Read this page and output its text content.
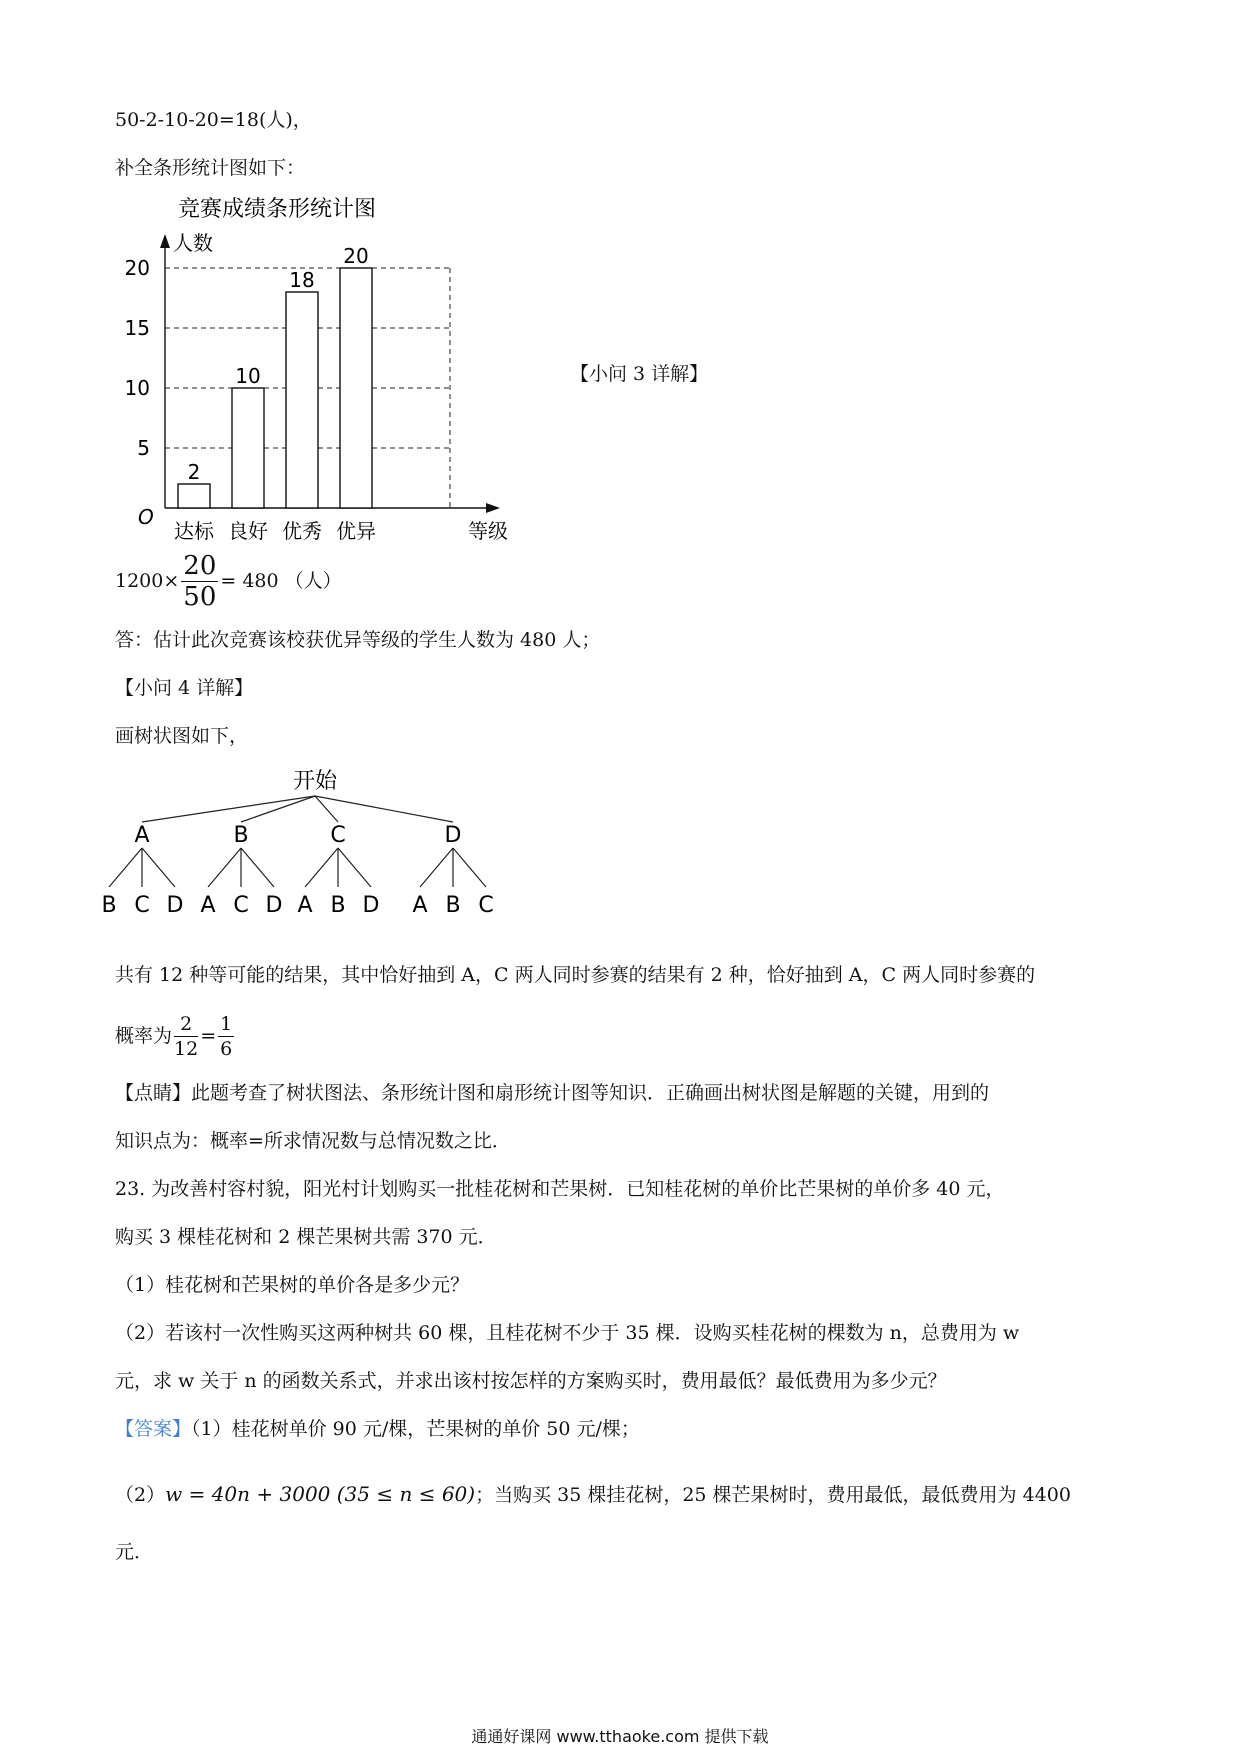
50-2-10-20=18(人)，
补全条形统计图如下：
竞赛成绩条形统计图
人数
等级
O
5
10
15
20
2
达标
10
良好
18
优秀
20
优异
【小问 3 详解】
$1200\times \frac{20}{50} = 480$ （人）
答：估计此次竞赛该校获优异等级的学生人数为 480 人；
【小问 4 详解】
画树状图如下，
开始
A
B C D
B
A C D
C
A B D
D
A B C
共有 12 种等可能的结果，其中恰好抽到 A，C 两人同时参赛的结果有 2 种，恰好抽到 A，C 两人同时参赛的
概率为 $\frac{2}{12} = \frac{1}{6}$
【点睛】此题考查了树状图法、条形统计图和扇形统计图等知识．正确画出树状图是解题的关键，用到的
知识点为：概率=所求情况数与总情况数之比．
23. 为改善村容村貌，阳光村计划购买一批桂花树和芒果树．已知桂花树的单价比芒果树的单价多 40 元，
购买 3 棵桂花树和 2 棵芒果树共需 370 元．
（1）桂花树和芒果树的单价各是多少元？
（2）若该村一次性购买这两种树共 60 棵，且桂花树不少于 35 棵．设购买桂花树的棵数为 n，总费用为 w
元，求 w 关于 n 的函数关系式，并求出该村按怎样的方案购买时，费用最低？最低费用为多少元？
【答案】（1）桂花树单价 90 元/棵，芒果树的单价 50 元/棵；
（2）w = 40n + 3000 (35 ≤ n ≤ 60)；当购买 35 棵挂花树，25 棵芒果树时，费用最低，最低费用为 4400
元．
通通好课网 www.tthaoke.com 提供下载
